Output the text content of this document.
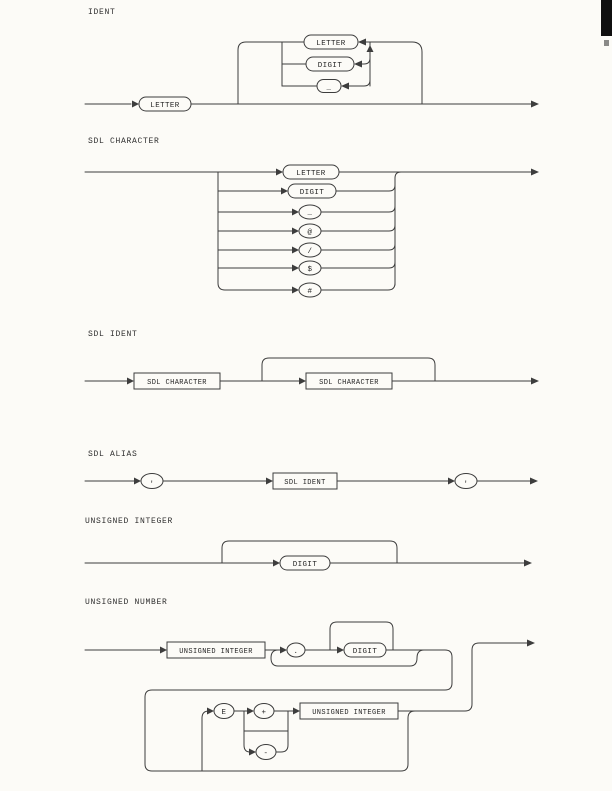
IDENT
SDL CHARACTER
SDL IDENT
SDL ALIAS
UNSIGNED INTEGER
UNSIGNED NUMBER
LETTER
LETTER
DIGIT
_
LETTER
DIGIT
_
@
/
$
#
SDL CHARACTER	SDL CHARACTER
'	SDL IDENT	'
DIGIT
UNSIGNED INTEGER	.	DIGIT
E	+
-
UNSIGNED INTEGER
